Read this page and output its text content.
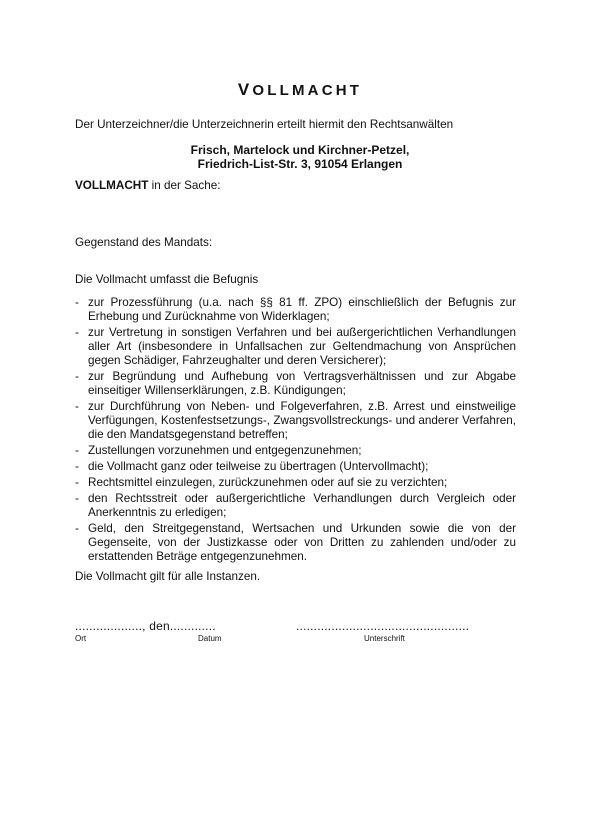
VOLLMACHT
Der Unterzeichner/die Unterzeichnerin erteilt hiermit den Rechtsanwälten
Frisch, Martelock und Kirchner-Petzel,
Friedrich-List-Str. 3, 91054 Erlangen
VOLLMACHT in der Sache:
Gegenstand des Mandats:
Die Vollmacht umfasst die Befugnis
- zur Prozessführung (u.a. nach §§ 81 ff. ZPO) einschließlich der Befugnis zur Erhebung und Zurücknahme von Widerklagen;
- zur Vertretung in sonstigen Verfahren und bei außergerichtlichen Verhandlungen aller Art (insbesondere in Unfallsachen zur Geltendmachung von Ansprüchen gegen Schädiger, Fahrzeughalter und deren Versicherer);
- zur Begründung und Aufhebung von Vertragsverhältnissen und zur Abgabe einseitiger Willenserklärungen, z.B. Kündigungen;
- zur Durchführung von Neben- und Folgeverfahren, z.B. Arrest und einstweilige Verfügungen, Kostenfestsetzungs-, Zwangsvollstreckungs- und anderer Verfahren, die den Mandatsgegenstand betreffen;
- Zustellungen vorzunehmen und entgegenzunehmen;
- die Vollmacht ganz oder teilweise zu übertragen (Untervollmacht);
- Rechtsmittel einzulegen, zurückzunehmen oder auf sie zu verzichten;
- den Rechtsstreit oder außergerichtliche Verhandlungen durch Vergleich oder Anerkenntnis zu erledigen;
- Geld, den Streitgegenstand, Wertsachen und Urkunden sowie die von der Gegenseite, von der Justizkasse oder von Dritten zu zahlenden und/oder zu erstattenden Beträge entgegenzunehmen.
Die Vollmacht gilt für alle Instanzen.
..................., den.............	.................................................
Ort	Datum	Unterschrift
